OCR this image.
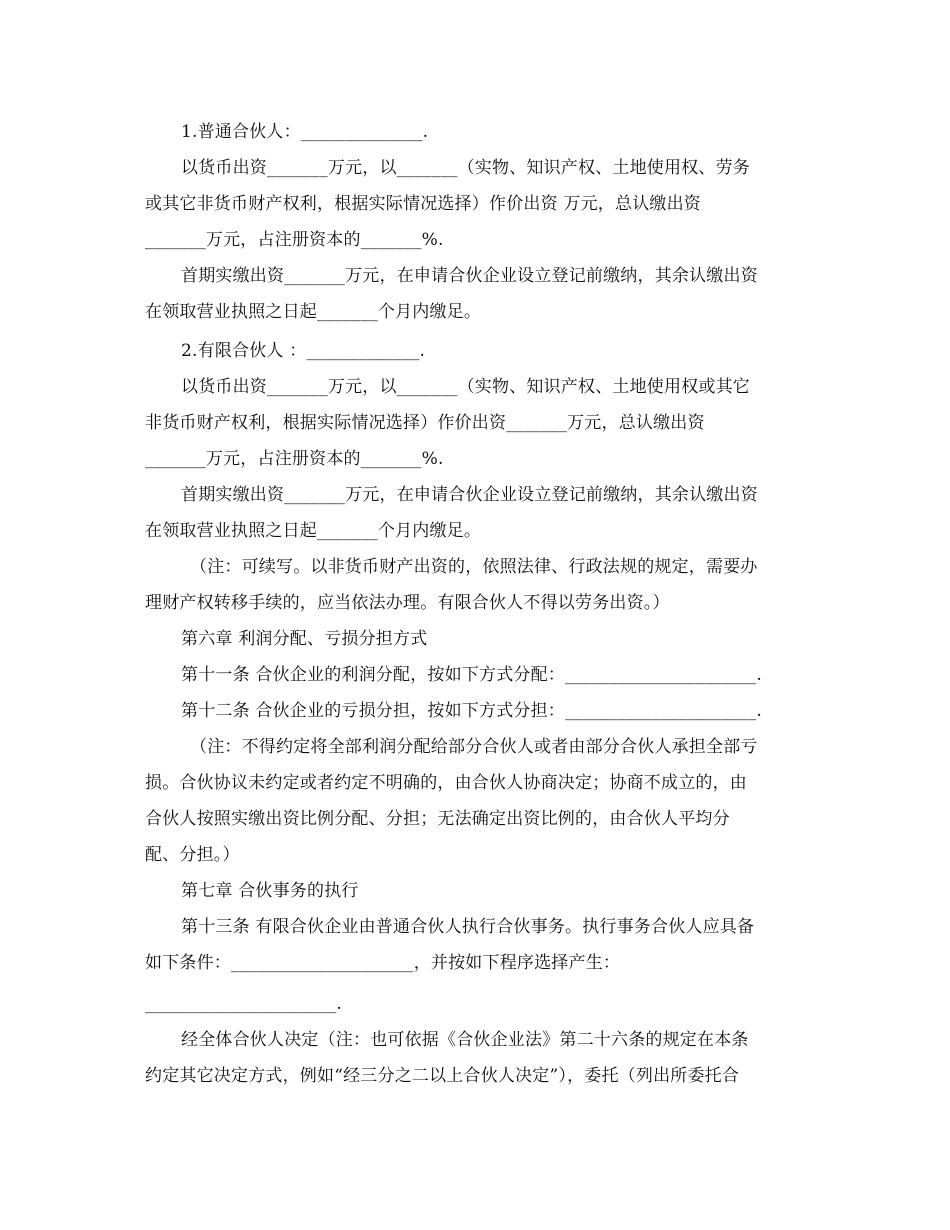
1.普通合伙人：______________.
以货币出资_______万元，以_______（实物、知识产权、土地使用权、劳务
或其它非货币财产权利，根据实际情况选择）作价出资 万元，总认缴出资
_______万元，占注册资本的_______%.
首期实缴出资_______万元，在申请合伙企业设立登记前缴纳，其余认缴出资
在领取营业执照之日起_______个月内缴足。
2.有限合伙人 ：_____________.
以货币出资_______万元，以_______（实物、知识产权、土地使用权或其它
非货币财产权利，根据实际情况选择）作价出资_______万元，总认缴出资
_______万元，占注册资本的_______%.
首期实缴出资_______万元，在申请合伙企业设立登记前缴纳，其余认缴出资
在领取营业执照之日起_______个月内缴足。
（注：可续写。以非货币财产出资的，依照法律、行政法规的规定，需要办
理财产权转移手续的，应当依法办理。有限合伙人不得以劳务出资。）
第六章 利润分配、亏损分担方式
第十一条 合伙企业的利润分配，按如下方式分配：______________________.
第十二条 合伙企业的亏损分担，按如下方式分担：______________________.
（注：不得约定将全部利润分配给部分合伙人或者由部分合伙人承担全部亏
损。合伙协议未约定或者约定不明确的，由合伙人协商决定；协商不成立的，由
合伙人按照实缴出资比例分配、分担；无法确定出资比例的，由合伙人平均分
配、分担。）
第七章 合伙事务的执行
第十三条 有限合伙企业由普通合伙人执行合伙事务。执行事务合伙人应具备
如下条件：_____________________，并按如下程序选择产生：
______________________.
经全体合伙人决定（注：也可依据《合伙企业法》第二十六条的规定在本条
约定其它决定方式，例如“经三分之二以上合伙人决定”），委托（列出所委托合
